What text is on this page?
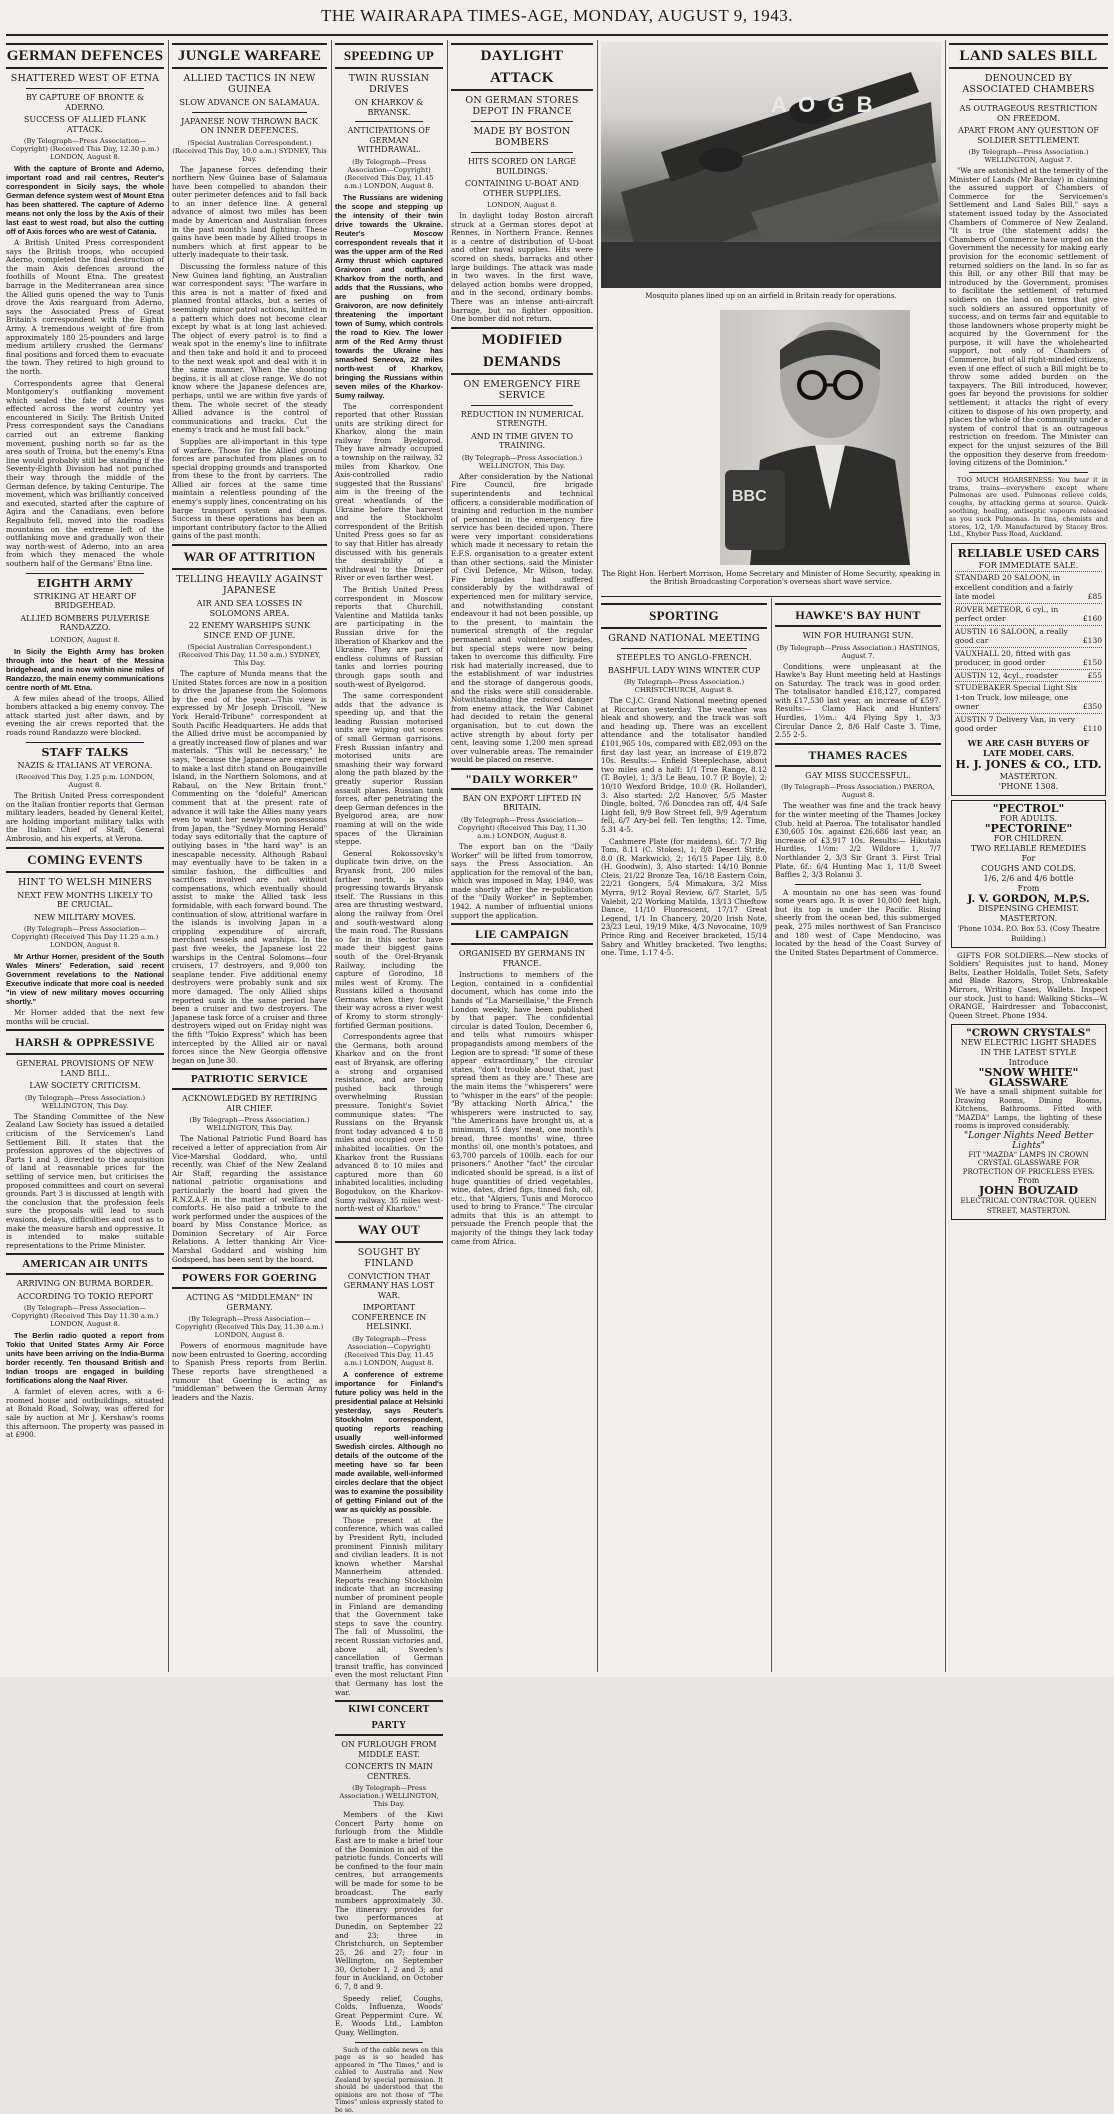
THE WAIRARAPA TIMES-AGE, MONDAY, AUGUST 9, 1943.
GERMAN DEFENCES
SHATTERED WEST OF ETNA
BY CAPTURE OF BRONTE & ADERNO.
SUCCESS OF ALLIED FLANK ATTACK.
(By Telegraph—Press Association—Copyright) (Received This Day, 12.30 p.m.) LONDON, August 8.

With the capture of Bronte and Aderno, important road and rail centres, Reuter's correspondent in Sicily says, the whole German defence system west of Mount Etna has been shattered. The capture of Aderno means not only the loss by the Axis of their last east to west road, but also the cutting off of Axis forces who are west of Catania.

A British United Press correspondent says the British troops, who occupied Aderno, completed the final destruction of the main Axis defences around the foothills of Mount Etna. The greatest barrage in the Mediterranean area since the Allied guns opened the way to Tunis drove the Axis rearguard from Aderno, says the Associated Press of Great Britain's correspondent with the Eighth Army. A tremendous weight of fire from approximately 180 25-pounders and large medium artillery crushed the Germans' final positions and forced them to evacuate the town. They retired to high ground to the north.

Correspondents agree that General Montgomery's outflanking movement which sealed the fate of Aderno was effected across the worst country yet encountered in Sicily. The British United Press correspondent says the Canadians carried out an extreme flanking movement, pushing north so far as the area south of Troina, but the enemy's Etna line would probably still be standing if the Seventy-Eighth Division had not punched their way through the middle of the German defence, by taking Centuripe. The movement, which was brilliantly conceived and executed, started after the capture of Agira and the Canadians, even before Regalbuto fell, moved into the roadless mountains on the extreme left of the outflanking move and gradually won their way north-west of Aderno, into an area from which they menaced the whole southern half of the Germans' Etna line.

EIGHTH ARMY
STRIKING AT HEART OF BRIDGEHEAD.
ALLIED BOMBERS PULVERISE RANDAZZO.
LONDON, August 8.

In Sicily the Eighth Army has broken through into the heart of the Messina bridgehead, and is now within nine miles of Randazzo, the main enemy communications centre north of Mt. Etna.

A few miles ahead of the troops, Allied bombers attacked a big enemy convoy. The attack started just after dawn, and by evening the air crews reported that the roads round Randazzo were blocked.

STAFF TALKS
NAZIS & ITALIANS AT VERONA.
(Received This Day, 1.25 p.m. LONDON, August 8.

The British United Press correspondent on the Italian frontier reports that German military leaders, headed by General Keitel, are holding important military talks with the Italian Chief of Staff, General Ambrosio, and his experts, at Verona.

COMING EVENTS
HINT TO WELSH MINERS
NEXT FEW MONTHS LIKELY TO BE CRUCIAL.
NEW MILITARY MOVES.
(By Telegraph—Press Association—Copyright) (Received This Day 11.25 a.m.) LONDON, August 8.

Mr Arthur Horner, president of the South Wales Miners' Federation, said recent Government revelations to the National Executive indicate that more coal is needed "in view of new military moves occurring shortly."

Mr Horner added that the next few months will be crucial.

HARSH & OPPRESSIVE
GENERAL PROVISIONS OF NEW LAND BILL.
LAW SOCIETY CRITICISM.
(By Telegraph—Press Association.) WELLINGTON, This Day.

The Standing Committee of the New Zealand Law Society has issued a detailed criticism of the Servicemen's Land Settlement Bill. It states that the profession approves of the objectives of Parts 1 and 3, directed to the acquisition of land at reasonable prices for the settling of service men, but criticises the proposed committees and court on several grounds. Part 3 is discussed at length with the conclusion that the profession feels sure the proposals will lead to such evasions, delays, difficulties and cost as to make the measure harsh and oppressive. It is intended to make suitable representations to the Prime Minister.

AMERICAN AIR UNITS
ARRIVING ON BURMA BORDER.
ACCORDING TO TOKIO REPORT
(By Telegraph—Press Association—Copyright) (Received This Day 11.30 a.m.) LONDON, August 8.

The Berlin radio quoted a report from Tokio that United States Army Air Force units have been arriving on the India-Burma border recently. Ten thousand British and Indian troops are engaged in building fortifications along the Naaf River.

A farmlet of eleven acres, with a 6-roomed house and outbuildings, situated at Bonald Road, Solway, was offered for sale by auction at Mr J. Kershaw's rooms this afternoon. The property was passed in at £900.

JUNGLE WARFARE
ALLIED TACTICS IN NEW GUINEA
SLOW ADVANCE ON SALAMAUA.
JAPANESE NOW THROWN BACK ON INNER DEFENCES.
(Special Australian Correspondent.) (Received This Day, 10.0 a.m.) SYDNEY, This Day.

The Japanese forces defending their northern New Guinea base of Salamaua have been compelled to abandon their outer perimeter defences and to fall back to an inner defence line. A general advance of almost two miles has been made by American and Australian forces in the past month's land fighting. These gains have been made by Allied troops in numbers which at first appear to be utterly inadequate to their task.

Discussing the formless nature of this New Guinea land fighting, an Australian war correspondent says: "The warfare in this area is not a matter of fixed and planned frontal attacks, but a series of seemingly minor patrol actions, knitted in a pattern which does not become clear except by what is at long last achieved. The object of every patrol is to find a weak spot in the enemy's line to infiltrate and then take and hold it and to proceed to the next weak spot and deal with it in the same manner. When the shooting begins, it is all at close range. We do not know where the Japanese defences are, perhaps, until we are within five yards of them. The whole secret of the steady Allied advance is the control of communications and tracks. Cut the enemy's track and he must fall back."

Supplies are all-important in this type of warfare. Those for the Allied ground forces are parachuted from planes on to special dropping grounds and transported from these to the front by carriers. The Allied air forces at the same time maintain a relentless pounding of the enemy's supply lines, concentrating on his barge transport system and dumps. Success in these operations has been an important contributory factor to the Allied gains of the past month.

WAR OF ATTRITION
TELLING HEAVILY AGAINST JAPANESE
AIR AND SEA LOSSES IN SOLOMONS AREA.
22 ENEMY WARSHIPS SUNK SINCE END OF JUNE.
(Special Australian Correspondent.) (Received This Day, 11.50 a.m.) SYDNEY, This Day.

The capture of Munda means that the United States forces are now in a position to drive the Japanese from the Solomons by the end of the year.—This view is expressed by Mr Joseph Driscoll, "New York Herald-Tribune" correspondent at South Pacific Headquarters. He adds that the Allied drive must be accompanied by a greatly increased flow of planes and war materials. "This will be necessary," he says, "because the Japanese are expected to make a last ditch stand on Bougainville Island, in the Northern Solomons, and at Rabaul, on the New Britain front." Commenting on the "doleful" American comment that at the present rate of advance it will take the Allies many years even to want her newly-won possessions from Japan, the "Sydney Morning Herald" today says editorially that the capture of outlying bases in "the hard way" is an inescapable necessity. Although Rabaul may eventually have to be taken in a similar fashion, the difficulties and sacrifices involved are not without compensations, which eventually should assist to make the Allied task less formidable, with each forward bound. The continuation of slow, attritional warfare in the islands is involving Japan in a crippling expenditure of aircraft, merchant vessels and warships. In the past five weeks, the Japanese lost 22 warships in the Central Solomons—four cruisers, 17 destroyers, and 9,000 ton seaplane tender. Five additional enemy destroyers were probably sunk and six more damaged. The only Allied ships reported sunk in the same period have been a cruiser and two destroyers. The Japanese task force of a cruiser and three destroyers wiped out on Friday night was the fifth "Tokio Express" which has been intercepted by the Allied air or naval forces since the New Georgia offensive began on June 30.

PATRIOTIC SERVICE
ACKNOWLEDGED BY RETIRING AIR CHIEF.
(By Telegraph—Press Association.) WELLINGTON, This Day.

The National Patriotic Fund Board has received a letter of appreciation from Air Vice-Marshal Goddard, who, until recently, was Chief of the New Zealand Air Staff, regarding the assistance national patriotic organisations and particularly the board had given the R.N.Z.A.F. in the matter of welfare and comforts. He also paid a tribute to the work performed under the auspices of the board by Miss Constance Morice, as Dominion Secretary of Air Force Relations. A letter thanking Air Vice-Marshal Goddard and wishing him Godspeed, has been sent by the board.

POWERS FOR GOERING
ACTING AS "MIDDLEMAN" IN GERMANY.
(By Telegraph—Press Association—Copyright) (Received This Day, 11.30 a.m.) LONDON, August 8.

Powers of enormous magnitude have now been entrusted to Goering, according to Spanish Press reports from Berlin. These reports have strengthened a rumour that Goering is acting as "middleman" between the German Army leaders and the Nazis.

SPEEDING UP
TWIN RUSSIAN DRIVES
ON KHARKOV & BRYANSK.
ANTICIPATIONS OF GERMAN WITHDRAWAL.
(By Telegraph—Press Association—Copyright) (Received This Day, 11.45 a.m.) LONDON, August 8.

The Russians are widening the scope and stepping up the intensity of their twin drive towards the Ukraine. Reuter's Moscow correspondent reveals that it was the upper arm of the Red Army thrust which captured Graivoron and outflanked Kharkov from the north, and adds that the Russians, who are pushing on from Graivoron, are now definitely threatening the important town of Sumy, which controls the road to Kiev. The lower arm of the Red Army thrust towards the Ukraine has smashed Seneova, 22 miles north-west of Kharkov, bringing the Russians within seven miles of the Kharkov-Sumy railway.

The correspondent reported that other Russian units are striking direct for Kharkov, along the main railway from Byelgorod. They have already occupied a township on the railway, 32 miles from Kharkov. One Axis-controlled radio suggested that the Russians' aim is the freeing of the great wheatlands of the Ukraine before the harvest and the Stockholm correspondent of the British United Press goes so far as to say that Hitler has already discussed with his generals the desirability of a withdrawal to the Dnieper River or even farther west.

The British United Press correspondent in Moscow reports that Churchill, Valentine and Matilda tanks are participating in the Russian drive for the liberation of Kharkov and the Ukraine. They are part of endless columns of Russian tanks and lorries pouring through gaps south and south-west of Byelgorod.

The same correspondent adds that the advance is speeding up, and that the leading Russian motorised units are wiping out scores of small German garrisons. Fresh Russian infantry and motorised units are smashing their way forward along the path blazed by the greatly superior Russian assault planes. Russian tank forces, after penetrating the deep German defences in the Byelgorod area, are now roaming at will on the wide spaces of the Ukrainian steppe.

General Rokossovsky's duplicate twin drive, on the Bryansk front, 200 miles farther north, is also progressing towards Bryansk itself. The Russians in this area are thrusting westward, along the railway from Orel and south-westward along the main road. The Russians so far in this sector have made their biggest gains south of the Orel-Bryansk Railway, including the capture of Gorodino, 18 miles west of Kromy. The Russians killed a thousand Germans when they fought their way across a river west of Kromy to storm strongly-fortified German positions.

Correspondents agree that the Germans, both around Kharkov and on the front east of Bryansk, are offering a strong and organised resistance, and are being pushed back through overwhelming Russian pressure. Tonight's Soviet communique states: "The Russians on the Bryansk front today advanced 4 to 8 miles and occupied over 150 inhabited localities. On the Kharkov front the Russians advanced 8 to 10 miles and captured more than 60 inhabited localities, including Bogodukov, on the Kharkov-Sumy railway, 35 miles west-north-west of Kharkov."

WAY OUT
SOUGHT BY FINLAND
CONVICTION THAT GERMANY HAS LOST WAR.
IMPORTANT CONFERENCE IN HELSINKI.
(By Telegraph—Press Association—Copyright) (Received This Day, 11.45 a.m.) LONDON, August 8.

A conference of extreme importance for Finland's future policy was held in the presidential palace at Helsinki yesterday, says Reuter's Stockholm correspondent, quoting reports reaching usually well-informed Swedish circles. Although no details of the outcome of the meeting have so far been made available, well-informed circles declare that the object was to examine the possibility of getting Finland out of the war as quickly as possible.

Those present at the conference, which was called by President Ryti, included prominent Finnish military and civilian leaders. It is not known whether Marshal Mannerheim attended. Reports reaching Stockholm indicate that an increasing number of prominent people in Finland are demanding that the Government take steps to save the country. The fall of Mussolini, the recent Russian victories and, above all, Sweden's cancellation of German transit traffic, has convinced even the most reluctant Finn that Germany has lost the war.

KIWI CONCERT PARTY
ON FURLOUGH FROM MIDDLE EAST.
CONCERTS IN MAIN CENTRES.
(By Telegraph—Press Association.) WELLINGTON, This Day.

Members of the Kiwi Concert Party home on furlough from the Middle East are to make a brief tour of the Dominion in aid of the patriotic funds. Concerts will be confined to the four main centres, but arrangements will be made for some to be broadcast. The early numbers approximately 30. The itinerary provides for two performances at Dunedin, on September 22 and 23; three in Christchurch, on September 25, 26 and 27; four in Wellington, on September 30, October 1, 2 and 3; and four in Auckland, on October 6, 7, 8 and 9.

Speedy relief, Coughs, Colds, Influenza, Woods' Great Peppermint Cure. W. E. Woods Ltd., Lambton Quay, Wellington.

Such of the cable news on this page as is so headed has appeared in "The Times," and is cabled to Australia and New Zealand by special permission. It should be understood that the opinions are not those of "The Times" unless expressly stated to be so.

DAYLIGHT ATTACK
ON GERMAN STORES DEPOT IN FRANCE
MADE BY BOSTON BOMBERS
HITS SCORED ON LARGE BUILDINGS.
CONTAINING U-BOAT AND OTHER SUPPLIES.
LONDON, August 8.

In daylight today Boston aircraft struck at a German stores depot at Rennes, in Northern France. Rennes is a centre of distribution of U-boat and other naval supplies. Hits were scored on sheds, barracks and other large buildings. The attack was made in two waves. In the first wave, delayed action bombs were dropped, and in the second, ordinary bombs. There was an intense anti-aircraft barrage, but no fighter opposition. One bomber did not return.

MODIFIED DEMANDS
ON EMERGENCY FIRE SERVICE
REDUCTION IN NUMERICAL STRENGTH.
AND IN TIME GIVEN TO TRAINING.
(By Telegraph—Press Association.) WELLINGTON, This Day.

After consideration by the National Fire Council, fire brigade superintendents and technical officers, a considerable modification of training and reduction in the number of personnel in the emergency fire service has been decided upon. There were very important considerations which made it necessary to retain the E.F.S. organisation to a greater extent than other sections, said the Minister of Civil Defence, Mr Wilson, today. Fire brigades had suffered considerably by the withdrawal of experienced men for military service, and notwithstanding constant endeavour it had not been possible, up to the present, to maintain the numerical strength of the regular permanent and volunteer brigades, but special steps were now being taken to overcome this difficulty. Fire risk had materially increased, due to the establishment of war industries and the storage of dangerous goods, and the risks were still considerable. Notwithstanding the reduced danger from enemy attack, the War Cabinet had decided to retain the general organisation, but to cut down the active strength by about forty per cent, leaving some 1,200 men spread over vulnerable areas. The remainder would be placed on reserve.

"DAILY WORKER"
BAN ON EXPORT LIFTED IN BRITAIN.
(By Telegraph—Press Association—Copyright) (Received This Day, 11.30 a.m.) LONDON, August 8.

The export ban on the "Daily Worker" will be lifted from tomorrow, says the Press Association. An application for the removal of the ban, which was imposed in May, 1940, was made shortly after the re-publication of the "Daily Worker" in September, 1942. A number of influential unions support the application.

LIE CAMPAIGN
ORGANISED BY GERMANS IN FRANCE.

Instructions to members of the Legion, contained in a confidential document, which has come into the hands of "La Marseillaise," the French London weekly, have been published by that paper. The confidential circular is dated Toulon, December 6, and tells what rumours whisper propagandists among members of the Legion are to spread: "If some of these appear extraordinary," the circular states, "don't trouble about that, just spread them as they are." These are the main items the "whisperers" were to "whisper in the ears" of the people: "By attacking North Africa," the whisperers were instructed to say, "the Americans have brought us, at a minimum, 15 days' meat, one month's bread, three months' wine, three months' oil, one month's potatoes, and 63,700 parcels of 100lb. each for our prisoners." Another "fact" the circular indicated should be spread, is a list of huge quantities of dried vegetables, wine, dates, dried figs, tinned fish, oil, etc., that "Algiers, Tunis and Morocco used to bring to France." The circular admits that this is an attempt to persuade the French people that the majority of the things they lack today came from Africa.

A O G B
Mosquito planes lined up on an airfield in Britain ready for operations.
BBC
The Right Hon. Herbert Morrison, Home Secretary and Minister of Home Security, speaking in the British Broadcasting Corporation's overseas short wave service.
SPORTING
GRAND NATIONAL MEETING
STEEPLES TO ANGLO-FRENCH.
BASHFUL LADY WINS WINTER CUP
(By Telegraph—Press Association.) CHRISTCHURCH, August 8.

The C.J.C. Grand National meeting opened at Riccarton yesterday. The weather was bleak and showery, and the track was soft and heading up. There was an excellent attendance and the totalisator handled £101,965 10s, compared with £82,093 on the first day last year, an increase of £19,872 10s. Results:— Enfield Steeplechase, about two miles and a half: 1/1 True Range, 8.12 (T. Boyle), 1; 3/3 Le Beau, 10.7 (P. Boyle), 2; 10/10 Wexford Bridge, 10.0 (R. Hollander), 3. Also started: 2/2 Hanover, 5/5 Master Dingle, bolted, 7/6 Doncdea ran off, 4/4 Safe Light fell, 9/9 Bow Street fell, 9/9 Ageratum fell, 6/7 Ary-bel fell. Ten lengths; 12. Time, 5.31 4-5.

Cashmere Plate (for maidens), 6f.: 7/7 Big Tom, 8.11 (C. Stokes), 1; 8/8 Desert Strife, 8.0 (R. Markwick), 2; 16/15 Paper Lily, 8.0 (H. Goodwin), 3. Also started: 14/10 Bonnie Cleis, 21/22 Bronze Tea, 16/18 Eastern Coin, 22/21 Gongers, 5/4 Mimakura, 3/2 Miss Myrra, 9/12 Royal Review, 6/7 Starlet, 5/5 Valebit, 2/2 Working Matilda, 13/13 Chieftow Dance, 11/10 Fluorescent, 17/17 Great Legend, 1/1 In Chancery, 20/20 Irish Note, 23/23 Leul, 19/19 Mike, 4/3 Novocaine, 10/9 Prince Ring and Receiver bracketed, 15/14 Sabry and Whitley bracketed. Two lengths; one. Time, 1.17 4-5.

HAWKE'S BAY HUNT
WIN FOR HUIRANGI SUN.
(By Telegraph—Press Association.) HASTINGS, August 7.

Conditions were unpleasant at the Hawke's Bay Hunt meeting held at Hastings on Saturday. The track was in good order. The totalisator handled £18,127, compared with £17,530 last year, an increase of £597. Results:— Clamo Hack and Hunters' Hurdles, 1½m.: 4/4 Flying Spy 1, 3/3 Circular Dance 2, 8/6 Half Caste 3. Time, 2.55 2-5.

THAMES RACES
GAY MISS SUCCESSFUL.
(By Telegraph—Press Association.) PAEROA, August 8.

The weather was fine and the track heavy for the winter meeting of the Thames Jockey Club, held at Paeroa. The totalisator handled £30,605 10s. against £26,686 last year, an increase of £3,917 10s. Results:— Hikutaia Hurdles, 1½m: 2/2 Wildore 1, 7/7 Northlander 2, 3/3 Sir Grant 3. First Trial Plate, 6f.: 6/4 Hunting Mac 1, 11/8 Sweet Baffles 2, 3/3 Rolanui 3.

A mountain no one has seen was found some years ago. It is over 10,000 feet high, but its top is under the Pacific. Rising sheerly from the ocean bed, this submerged peak, 275 miles northwest of San Francisco and 180 west of Cape Mendocino, was located by the head of the Coast Survey of the United States Department of Commerce.

LAND SALES BILL
DENOUNCED BY ASSOCIATED CHAMBERS
AS OUTRAGEOUS RESTRICTION ON FREEDOM.
APART FROM ANY QUESTION OF SOLDIER SETTLEMENT.
(By Telegraph—Press Association.) WELLINGTON, August 7.

"We are astonished at the temerity of the Minister of Lands (Mr Barclay) in claiming the assured support of Chambers of Commerce for the Servicemen's Settlement and Land Sales Bill," says a statement issued today by the Associated Chambers of Commerce of New Zealand. "It is true (the statement adds) the Chambers of Commerce have urged on the Government the necessity for making early provision for the economic settlement of returned soldiers on the land. In so far as this Bill, or any other Bill that may be introduced by the Government, promises to facilitate the settlement of returned soldiers on the land on terms that give such soldiers an assured opportunity of success, and on terms fair and equitable to those landowners whose property might be acquired by the Government for the purpose, it will have the wholehearted support, not only of Chambers of Commerce, but of all right-minded citizens, even if one effect of such a Bill might be to throw some added burden on the taxpayers. The Bill introduced, however, goes far beyond the provisions for soldier settlement; it attacks the right of every citizen to dispose of his own property, and places the whole of the community under a system of control that is an outrageous restriction on freedom. The Minister can expect for the unjust seizures of the Bill the opposition they deserve from freedom-loving citizens of the Dominion."

TOO MUCH HOARSENESS: You hear it in trams, trains—everywhere except where Pulmonas are used. Pulmonas relieve colds, coughs, by attacking germs at source. Quick-soothing, healing, antiseptic vapours released as you suck Pulmonas. In tins, chemists and stores, 1/2, 1/9. Manufactured by Stacey Bros. Ltd., Khyber Pass Road, Auckland.

RELIABLE USED CARS
FOR IMMEDIATE SALE.
STANDARD 20 SALOON, in excellent condition and a fairly late model	£85
ROVER METEOR, 6 cyl., in perfect order	£160
AUSTIN 16 SALOON, a really good car	£130
VAUXHALL 20, fitted with gas producer, in good order	£150
AUSTIN 12, 4cyl., roadster	£55
STUDEBAKER Special Light Six 1-ton Truck, low mileage, one owner	£350
AUSTIN 7 Delivery Van, in very good order	£110
WE ARE CASH BUYERS OF LATE MODEL CARS.
H. J. JONES & CO., LTD.
MASTERTON.
'PHONE 1308.
"PECTROL"
FOR ADULTS.
"PECTORINE"
FOR CHILDREN.
TWO RELIABLE REMEDIES
For
COUGHS AND COLDS.
1/6, 2/6 and 4/6 bottle
From
J. V. GORDON, M.P.S.
DISPENSING CHEMIST. MASTERTON.
'Phone 1034. P.O. Box 53. (Cosy Theatre Building.)

GIFTS FOR SOLDIERS.—New stocks of Soldiers' Requisites just to hand. Money Belts, Leather Holdalls, Toilet Sets, Safety and Blade Razors, Strop, Unbreakable Mirrors, Writing Cases, Wallets. Inspect our stock. Just to hand: Walking Sticks—W. ORANGE, Hairdresser and Tobacconist, Queen Street. Phone 1934.

"CROWN CRYSTALS"
NEW ELECTRIC LIGHT SHADES IN THE LATEST STYLE
Introduce
"SNOW WHITE"
GLASSWARE
We have a small shipment suitable for Drawing Rooms, Dining Rooms, Kitchens, Bathrooms. Fitted with "MAZDA" Lamps, the lighting of these rooms is improved considerably.
"Longer Nights Need Better Lights"
FIT "MAZDA" LAMPS IN CROWN CRYSTAL GLASSWARE FOR PROTECTION OF PRICELESS EYES.
From
JOHN BOUZAID
ELECTRICAL CONTRACTOR. QUEEN STREET, MASTERTON.
